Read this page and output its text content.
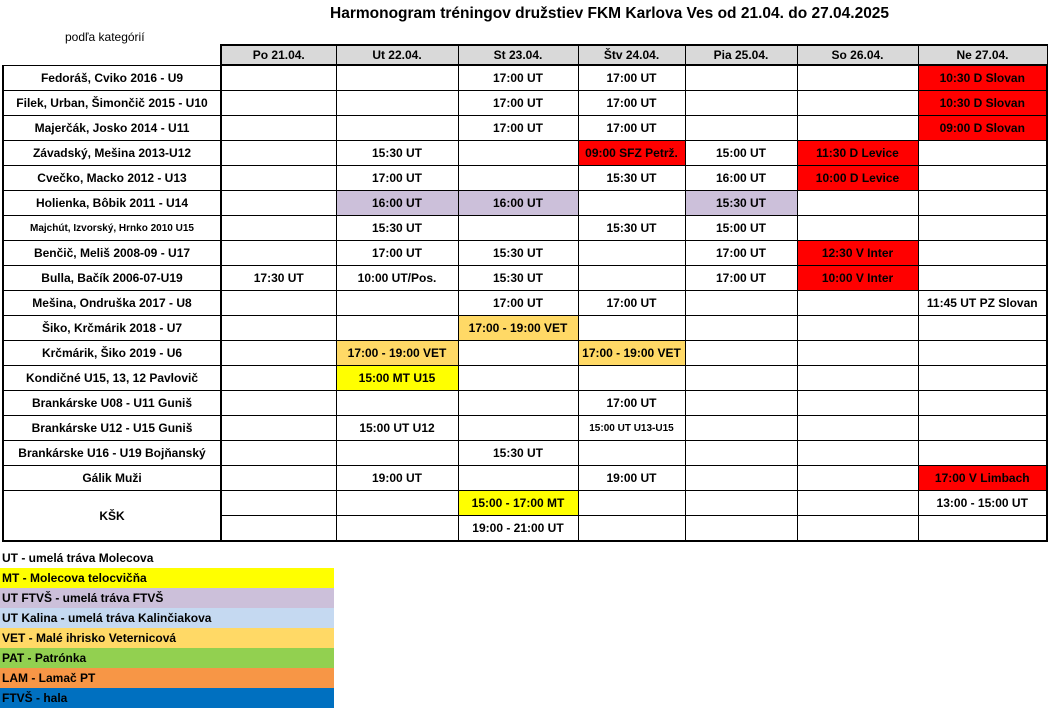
Harmonogram tréningov družstiev FKM Karlova Ves od 21.04. do 27.04.2025
podľa kategórií
	Po 21.04.	Ut 22.04.	St 23.04.	Štv 24.04.	Pia 25.04.	So 26.04.	Ne 27.04.
Fedoráš, Cviko 2016 - U9			17:00 UT	17:00 UT			10:30 D Slovan
Filek, Urban, Šimončič 2015 - U10			17:00 UT	17:00 UT			10:30 D Slovan
Majerčák, Josko 2014 - U11			17:00 UT	17:00 UT			09:00 D Slovan
Závadský, Mešina 2013-U12		15:30 UT		09:00 SFZ Petrž.	15:00 UT	11:30 D Levice	
Cvečko, Macko 2012 - U13		17:00 UT		15:30 UT	16:00 UT	10:00 D Levice	
Holienka, Bôbik 2011 - U14		16:00 UT	16:00 UT		15:30 UT		
Majchút, Izvorský, Hrnko 2010 U15		15:30 UT		15:30 UT	15:00 UT		
Benčič, Meliš 2008-09 - U17		17:00 UT	15:30 UT		17:00 UT	12:30 V Inter	
Bulla, Bačík 2006-07-U19	17:30 UT	10:00 UT/Pos.	15:30 UT		17:00 UT	10:00 V Inter	
Mešina, Ondruška 2017 - U8			17:00 UT	17:00 UT			11:45 UT PZ Slovan
Šiko, Krčmárik 2018 - U7			17:00 - 19:00 VET				
Krčmárik, Šiko 2019 - U6		17:00 - 19:00 VET		17:00 - 19:00 VET			
Kondičné U15, 13, 12 Pavlovič		15:00 MT U15					
Brankárske U08 - U11 Guniš				17:00 UT			
Brankárske U12 - U15 Guniš		15:00 UT U12		15:00 UT U13-U15			
Brankárske U16 - U19 Bojňanský			15:30 UT				
Gálik Muži		19:00 UT		19:00 UT			17:00 V Limbach
KŠK			15:00 - 17:00 MT				13:00 - 15:00 UT
			19:00 - 21:00 UT				
UT - umelá tráva Molecova
MT - Molecova telocvičňa
UT FTVŠ - umelá tráva FTVŠ
UT Kalina - umelá tráva Kalinčiakova
VET - Malé ihrisko Veternicová
PAT - Patrónka
LAM - Lamač PT
FTVŠ - hala
